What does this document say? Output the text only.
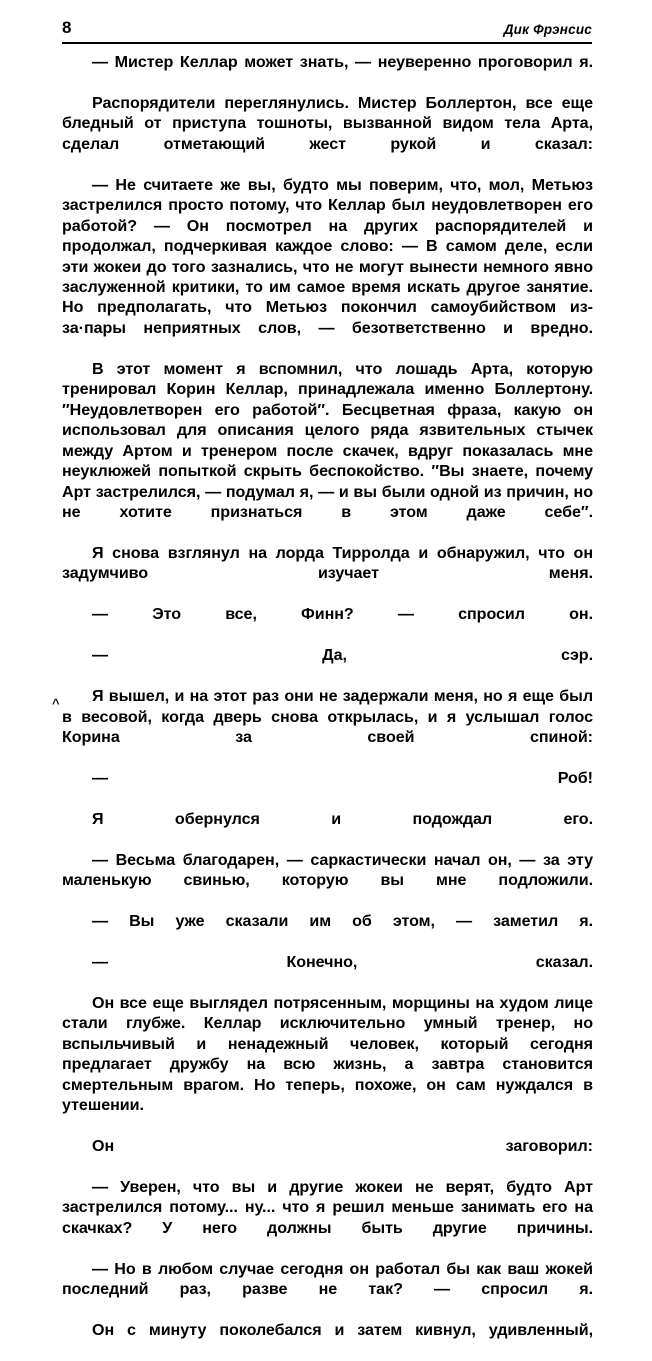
8	Дик Фрэнсис
^

— Мистер Келлар может знать, — неуверенно проговорил я.

Распорядители переглянулись. Мистер Боллертон, все еще бледный от приступа тошноты, вызванной видом тела Арта, сделал отметающий жест рукой и сказал:

— Не считаете же вы, будто мы поверим, что, мол, Метьюз застрелился просто потому, что Келлар был неудовлетворен его работой? — Он посмотрел на других распорядителей и продолжал, подчеркивая каждое слово: — В самом деле, если эти жокеи до того зазнались, что не могут вынести немного явно заслуженной критики, то им самое время искать другое занятие. Но предполагать, что Метьюз покончил самоубийством из-за·пары неприятных слов, — безответственно и вредно.

В этот момент я вспомнил, что лошадь Арта, которую тренировал Корин Келлар, принадлежала именно Боллертону. ″Неудовлетворен его работой″. Бесцветная фраза, какую он использовал для описания целого ряда язвительных стычек между Артом и тренером после скачек, вдруг показалась мне неуклюжей попыткой скрыть беспокойство. ″Вы знаете, почему Арт застрелился, — подумал я, — и вы были одной из причин, но не хотите признаться в этом даже себе″.

Я снова взглянул на лорда Тирролда и обнаружил, что он задумчиво изучает меня.

— Это все, Финн? — спросил он.

— Да, сэр.

Я вышел, и на этот раз они не задержали меня, но я еще был в весовой, когда дверь снова открылась, и я услышал голос Корина за своей спиной:

— Роб!

Я обернулся и подождал его.

— Весьма благодарен, — саркастически начал он, — за эту маленькую свинью, которую вы мне подложили.

— Вы уже сказали им об этом, — заметил я.

— Конечно, сказал.

Он все еще выглядел потрясенным, морщины на худом лице стали глубже. Келлар исключительно умный тренер, но вспыльчивый и ненадежный человек, который сегодня предлагает дружбу на всю жизнь, а завтра становится смертельным врагом. Но теперь, похоже, он сам нуждался в утешении.

Он заговорил:

— Уверен, что вы и другие жокеи не верят, будто Арт застрелился потому... ну... что я решил меньше занимать его на скачках? У него должны быть другие причины.

— Но в любом случае сегодня он работал бы как ваш жокей последний раз, разве не так? — спросил я.

Он с минуту поколебался и затем кивнул, удивленный,
